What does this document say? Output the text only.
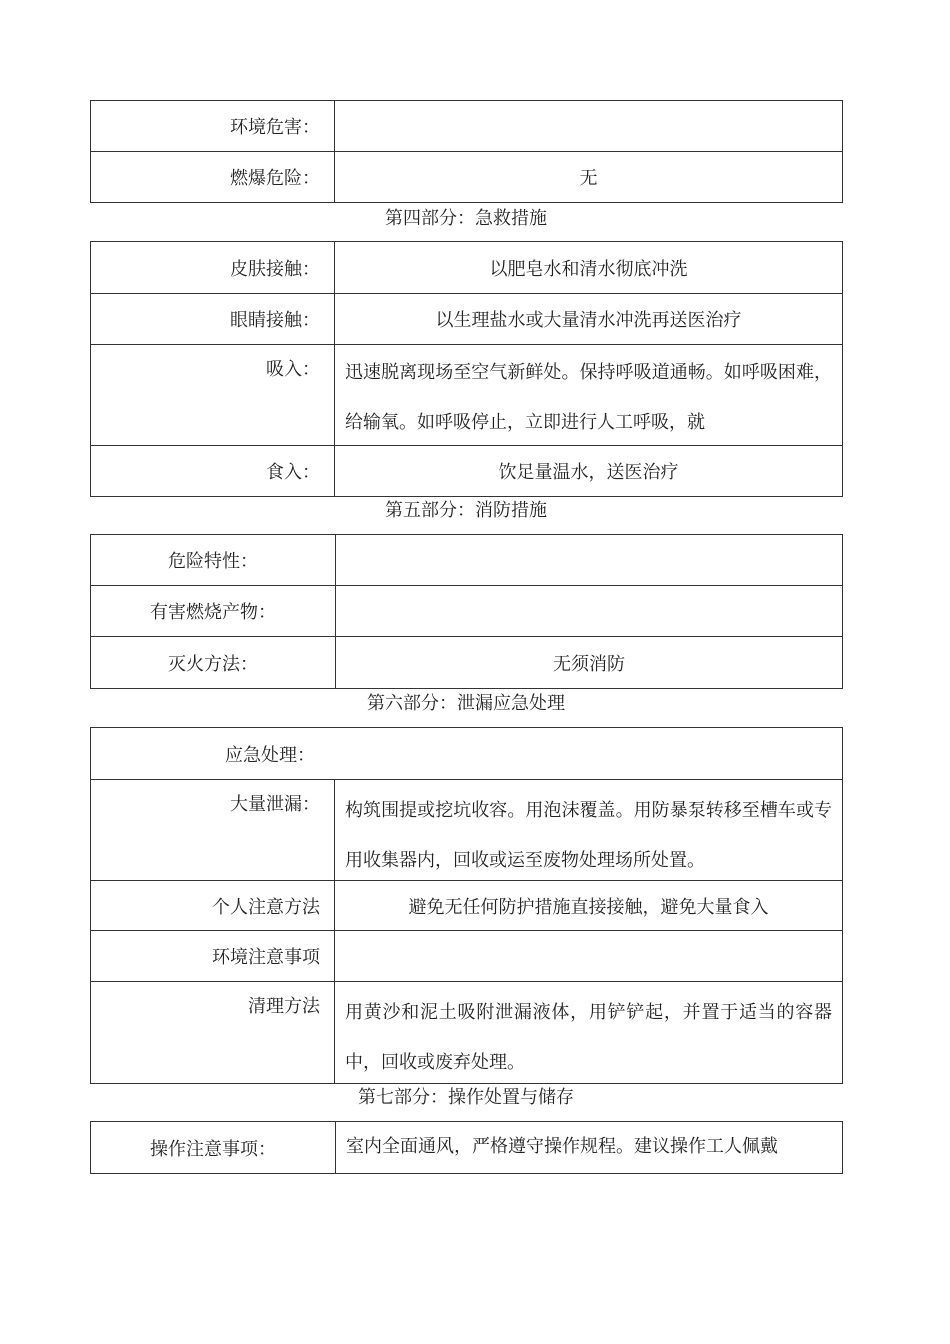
环境危害：
燃爆危险：	无
第四部分：急救措施
皮肤接触：	以肥皂水和清水彻底冲洗
眼睛接触：	以生理盐水或大量清水冲洗再送医治疗
吸入：	迅速脱离现场至空气新鲜处。保持呼吸道通畅。如呼吸困难，给输氧。如呼吸停止，立即进行人工呼吸，就
食入：	饮足量温水，送医治疗
第五部分：消防措施
危险特性：
有害燃烧产物：
灭火方法：	无须消防
第六部分：泄漏应急处理
应急处理：
大量泄漏：	构筑围提或挖坑收容。用泡沫覆盖。用防暴泵转移至槽车或专用收集器内，回收或运至废物处理场所处置。
个人注意方法	避免无任何防护措施直接接触，避免大量食入
环境注意事项
清理方法	用黄沙和泥土吸附泄漏液体，用铲铲起，并置于适当的容器中，回收或废弃处理。
第七部分：操作处置与储存
操作注意事项：	室内全面通风，严格遵守操作规程。建议操作工人佩戴
